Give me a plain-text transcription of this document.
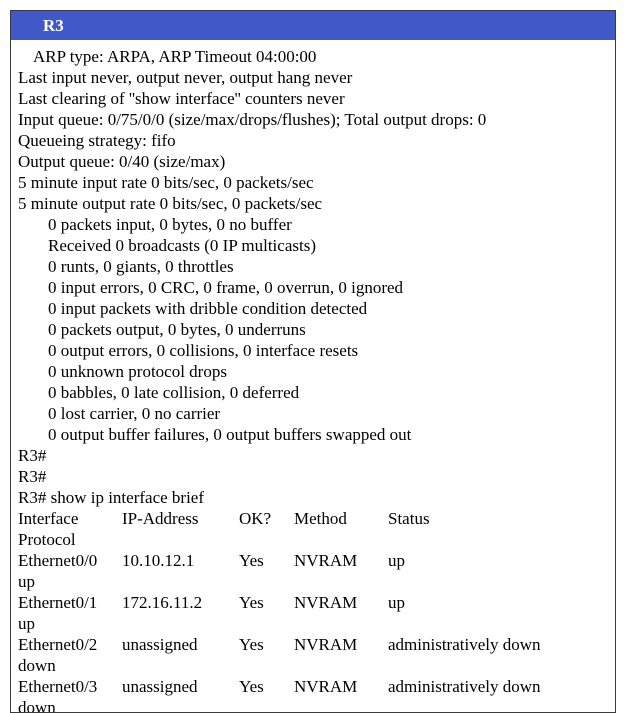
R3
ARP type: ARPA, ARP Timeout 04:00:00
Last input never, output never, output hang never
Last clearing of ''show interface'' counters never
Input queue: 0/75/0/0 (size/max/drops/flushes); Total output drops: 0
Queueing strategy: fifo
Output queue: 0/40 (size/max)
5 minute input rate 0 bits/sec, 0 packets/sec
5 minute output rate 0 bits/sec, 0 packets/sec
0 packets input, 0 bytes, 0 no buffer
Received 0 broadcasts (0 IP multicasts)
0 runts, 0 giants, 0 throttles
0 input errors, 0 CRC, 0 frame, 0 overrun, 0 ignored
0 input packets with dribble condition detected
0 packets output, 0 bytes, 0 underruns
0 output errors, 0 collisions, 0 interface resets
0 unknown protocol drops
0 babbles, 0 late collision, 0 deferred
0 lost carrier, 0 no carrier
0 output buffer failures, 0 output buffers swapped out
R3#
R3#
R3# show ip interface brief
Interface	IP-Address OK? Method Status
Protocol
Ethernet0/0 10.10.12.1	Yes NVRAM up
up
Ethernet0/1 172.16.11.2 Yes NVRAM up
up
Ethernet0/2 unassigned Yes NVRAM administratively down
down
Ethernet0/3 unassigned Yes NVRAM administratively down
down
